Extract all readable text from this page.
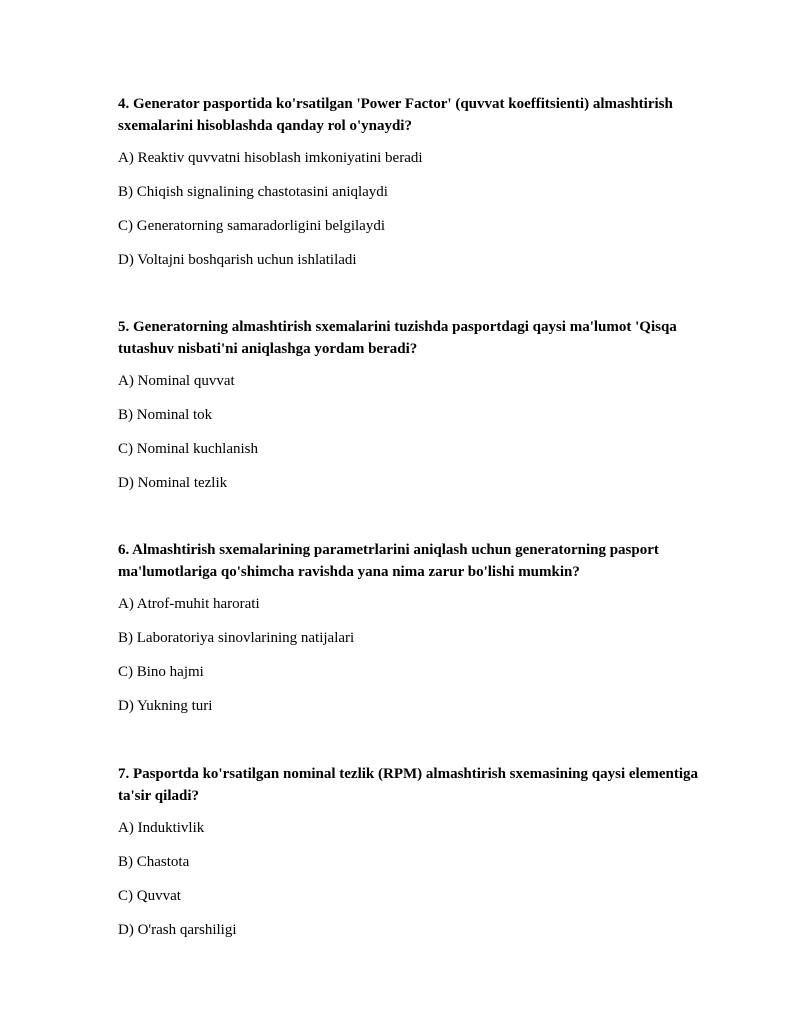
4. Generator pasportida ko'rsatilgan 'Power Factor' (quvvat koeffitsienti) almashtirish sxemalarini hisoblashda qanday rol o'ynaydi?

A) Reaktiv quvvatni hisoblash imkoniyatini beradi

B) Chiqish signalining chastotasini aniqlaydi

C) Generatorning samaradorligini belgilaydi

D) Voltajni boshqarish uchun ishlatiladi

5. Generatorning almashtirish sxemalarini tuzishda pasportdagi qaysi ma'lumot 'Qisqa tutashuv nisbati'ni aniqlashga yordam beradi?

A) Nominal quvvat

B) Nominal tok

C) Nominal kuchlanish

D) Nominal tezlik

6. Almashtirish sxemalarining parametrlarini aniqlash uchun generatorning pasport ma'lumotlariga qo'shimcha ravishda yana nima zarur bo'lishi mumkin?

A) Atrof-muhit harorati

B) Laboratoriya sinovlarining natijalari

C) Bino hajmi

D) Yukning turi

7. Pasportda ko'rsatilgan nominal tezlik (RPM) almashtirish sxemasining qaysi elementiga ta'sir qiladi?

A) Induktivlik

B) Chastota

C) Quvvat

D) O'rash qarshiligi
